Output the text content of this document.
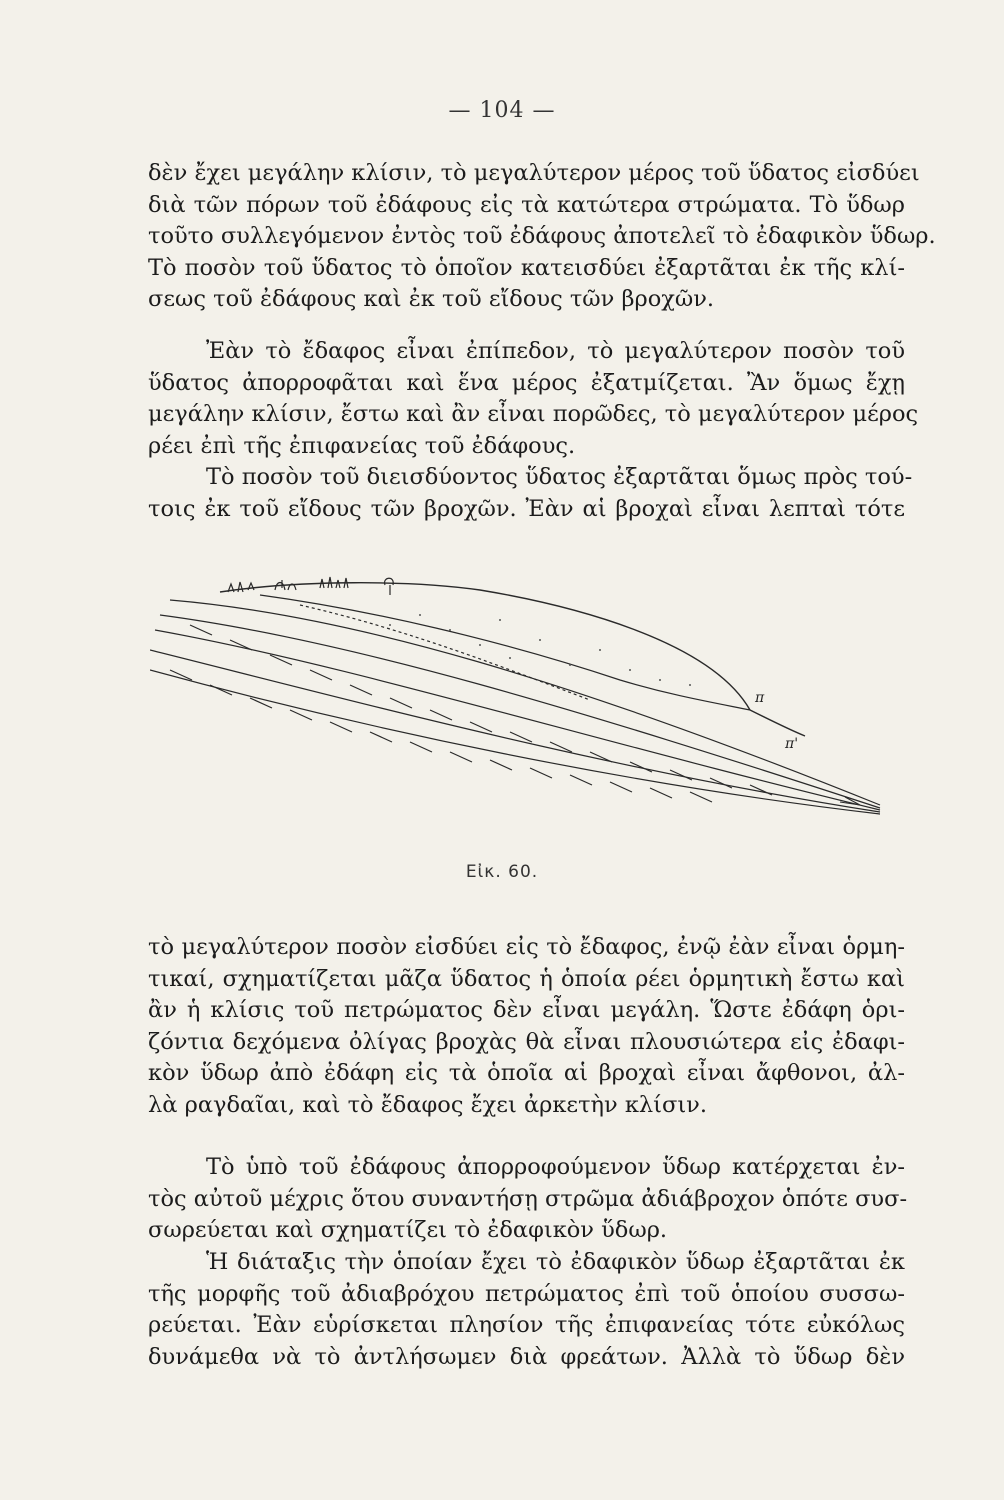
— 104 —

δὲν ἔχει μεγάλην κλίσιν, τὸ μεγαλύτερον μέρος τοῦ ὕδατος εἰσδύει
διὰ τῶν πόρων τοῦ ἐδάφους εἰς τὰ κατώτερα στρώματα. Τὸ ὕδωρ
τοῦτο συλλεγόμενον ἐντὸς τοῦ ἐδάφους ἀποτελεῖ τὸ ἐδαφικὸν ὕδωρ.
Τὸ ποσὸν τοῦ ὕδατος τὸ ὁποῖον κατεισδύει ἐξαρτᾶται ἐκ τῆς κλί-
σεως τοῦ ἐδάφους καὶ ἐκ τοῦ εἴδους τῶν βροχῶν.

Ἐὰν τὸ ἔδαφος εἶναι ἐπίπεδον, τὸ μεγαλύτερον ποσὸν τοῦ
ὕδατος ἀπορροφᾶται καὶ ἕνα μέρος ἐξατμίζεται. Ἂν ὅμως ἔχῃ
μεγάλην κλίσιν, ἔστω καὶ ἂν εἶναι πορῶδες, τὸ μεγαλύτερον μέρος
ρέει ἐπὶ τῆς ἐπιφανείας τοῦ ἐδάφους.

Τὸ ποσὸν τοῦ διεισδύοντος ὕδατος ἐξαρτᾶται ὅμως πρὸς τού-
τοις ἐκ τοῦ εἴδους τῶν βροχῶν. Ἐὰν αἱ βροχαὶ εἶναι λεπταὶ τότε

π
π'
Εἰκ. 60.

τὸ μεγαλύτερον ποσὸν εἰσδύει εἰς τὸ ἔδαφος, ἐνῷ ἐὰν εἶναι ὁρμη-
τικαί, σχηματίζεται μᾶζα ὕδατος ἡ ὁποία ρέει ὁρμητικὴ ἔστω καὶ
ἂν ἡ κλίσις τοῦ πετρώματος δὲν εἶναι μεγάλη. Ὥστε ἐδάφη ὁρι-
ζόντια δεχόμενα ὀλίγας βροχὰς θὰ εἶναι πλουσιώτερα εἰς ἐδαφι-
κὸν ὕδωρ ἀπὸ ἐδάφη εἰς τὰ ὁποῖα αἱ βροχαὶ εἶναι ἄφθονοι, ἀλ-
λὰ ραγδαῖαι, καὶ τὸ ἔδαφος ἔχει ἀρκετὴν κλίσιν.

Τὸ ὑπὸ τοῦ ἐδάφους ἀπορροφούμενον ὕδωρ κατέρχεται ἐν-
τὸς αὐτοῦ μέχρις ὅτου συναντήσῃ στρῶμα ἀδιάβροχον ὁπότε συσ-
σωρεύεται καὶ σχηματίζει τὸ ἐδαφικὸν ὕδωρ.

Ἡ διάταξις τὴν ὁποίαν ἔχει τὸ ἐδαφικὸν ὕδωρ ἐξαρτᾶται ἐκ
τῆς μορφῆς τοῦ ἀδιαβρόχου πετρώματος ἐπὶ τοῦ ὁποίου συσσω-
ρεύεται. Ἐὰν εὑρίσκεται πλησίον τῆς ἐπιφανείας τότε εὐκόλως
δυνάμεθα νὰ τὸ ἀντλήσωμεν διὰ φρεάτων. Ἀλλὰ τὸ ὕδωρ δὲν
